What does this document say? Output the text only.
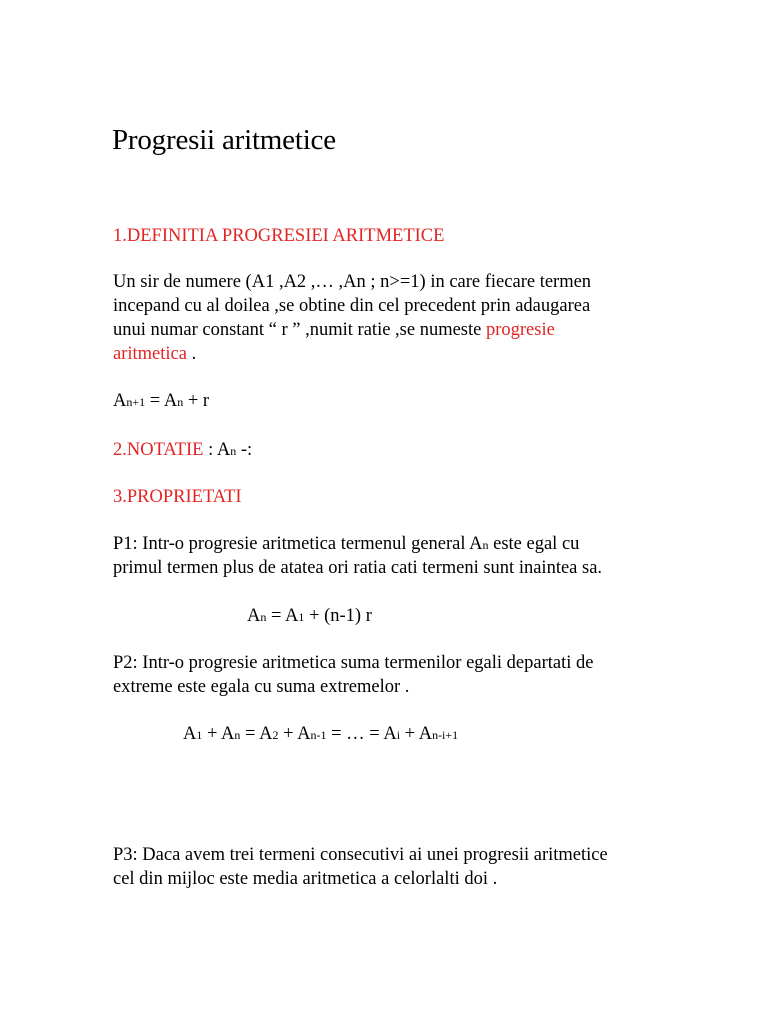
Progresii aritmetice
1.DEFINITIA PROGRESIEI ARITMETICE
Un sir de numere (A1 ,A2 ,… ,An ; n>=1) in care fiecare termen
incepand cu al doilea ,se obtine din cel precedent prin adaugarea
unui numar constant “ r ” ,numit ratie ,se numeste progresie
aritmetica .
An+1 = An + r
2.NOTATIE : An -:
3.PROPRIETATI
P1: Intr-o progresie aritmetica termenul general An este egal cu
primul termen plus de atatea ori ratia cati termeni sunt inaintea sa.
An = A1 + (n-1) r
P2: Intr-o progresie aritmetica suma termenilor egali departati de
extreme este egala cu suma extremelor .
A1 + An = A2 + An-1 = … = Ai + An-i+1
P3: Daca avem trei termeni consecutivi ai unei progresii aritmetice
cel din mijloc este media aritmetica a celorlalti doi .
